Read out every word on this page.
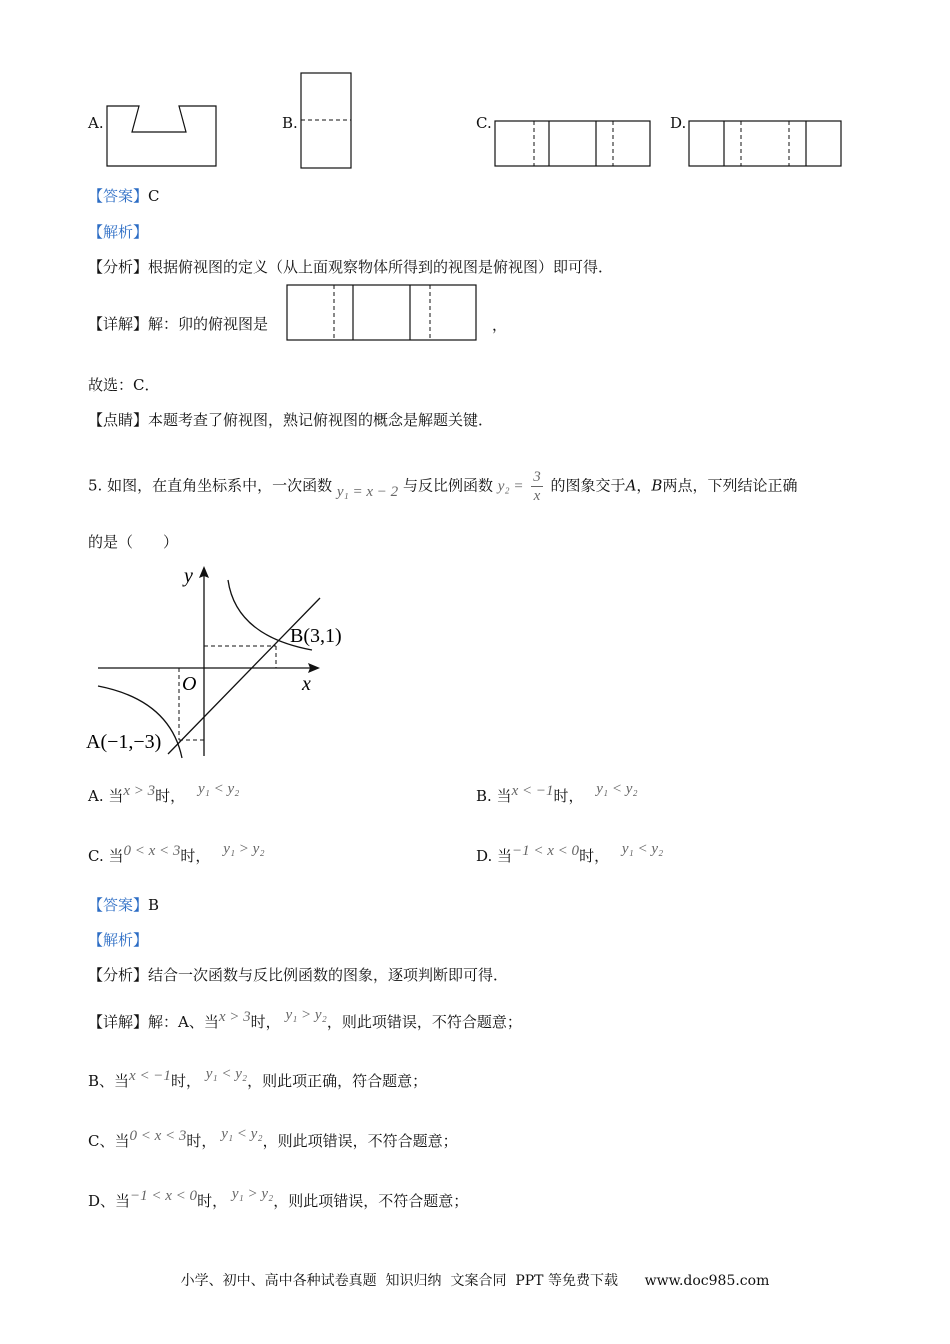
A.	B.	C.	D.
【答案】C
【解析】
【分析】根据俯视图的定义（从上面观察物体所得到的视图是俯视图）即可得．
【详解】解：卯的俯视图是	，
故选：C．
【点睛】本题考查了俯视图，熟记俯视图的概念是解题关键．
5. 如图，在直角坐标系中，一次函数 y₁ = x − 2 与反比例函数 $y_2 = \frac{3}{x}$ 的图象交于A，B两点，下列结论正确
的是（　　）
y
x
O
B(3,1)
A(−1,−3)
A. 当x > 3时， y₁ < y₂	B. 当x < −1时， y₁ < y₂
C. 当0 < x < 3时， y₁ > y₂	D. 当−1 < x < 0时， y₁ < y₂
【答案】B
【解析】
【分析】结合一次函数与反比例函数的图象，逐项判断即可得．
【详解】解：A、当x > 3时， y₁ > y₂，则此项错误，不符合题意；
B、当x < −1时， y₁ < y₂，则此项正确，符合题意；
C、当0 < x < 3时， y₁ < y₂，则此项错误，不符合题意；
D、当−1 < x < 0时， y₁ > y₂，则此项错误，不符合题意；
小学、初中、高中各种试卷真题  知识归纳  文案合同  PPT 等免费下载      www.doc985.com
